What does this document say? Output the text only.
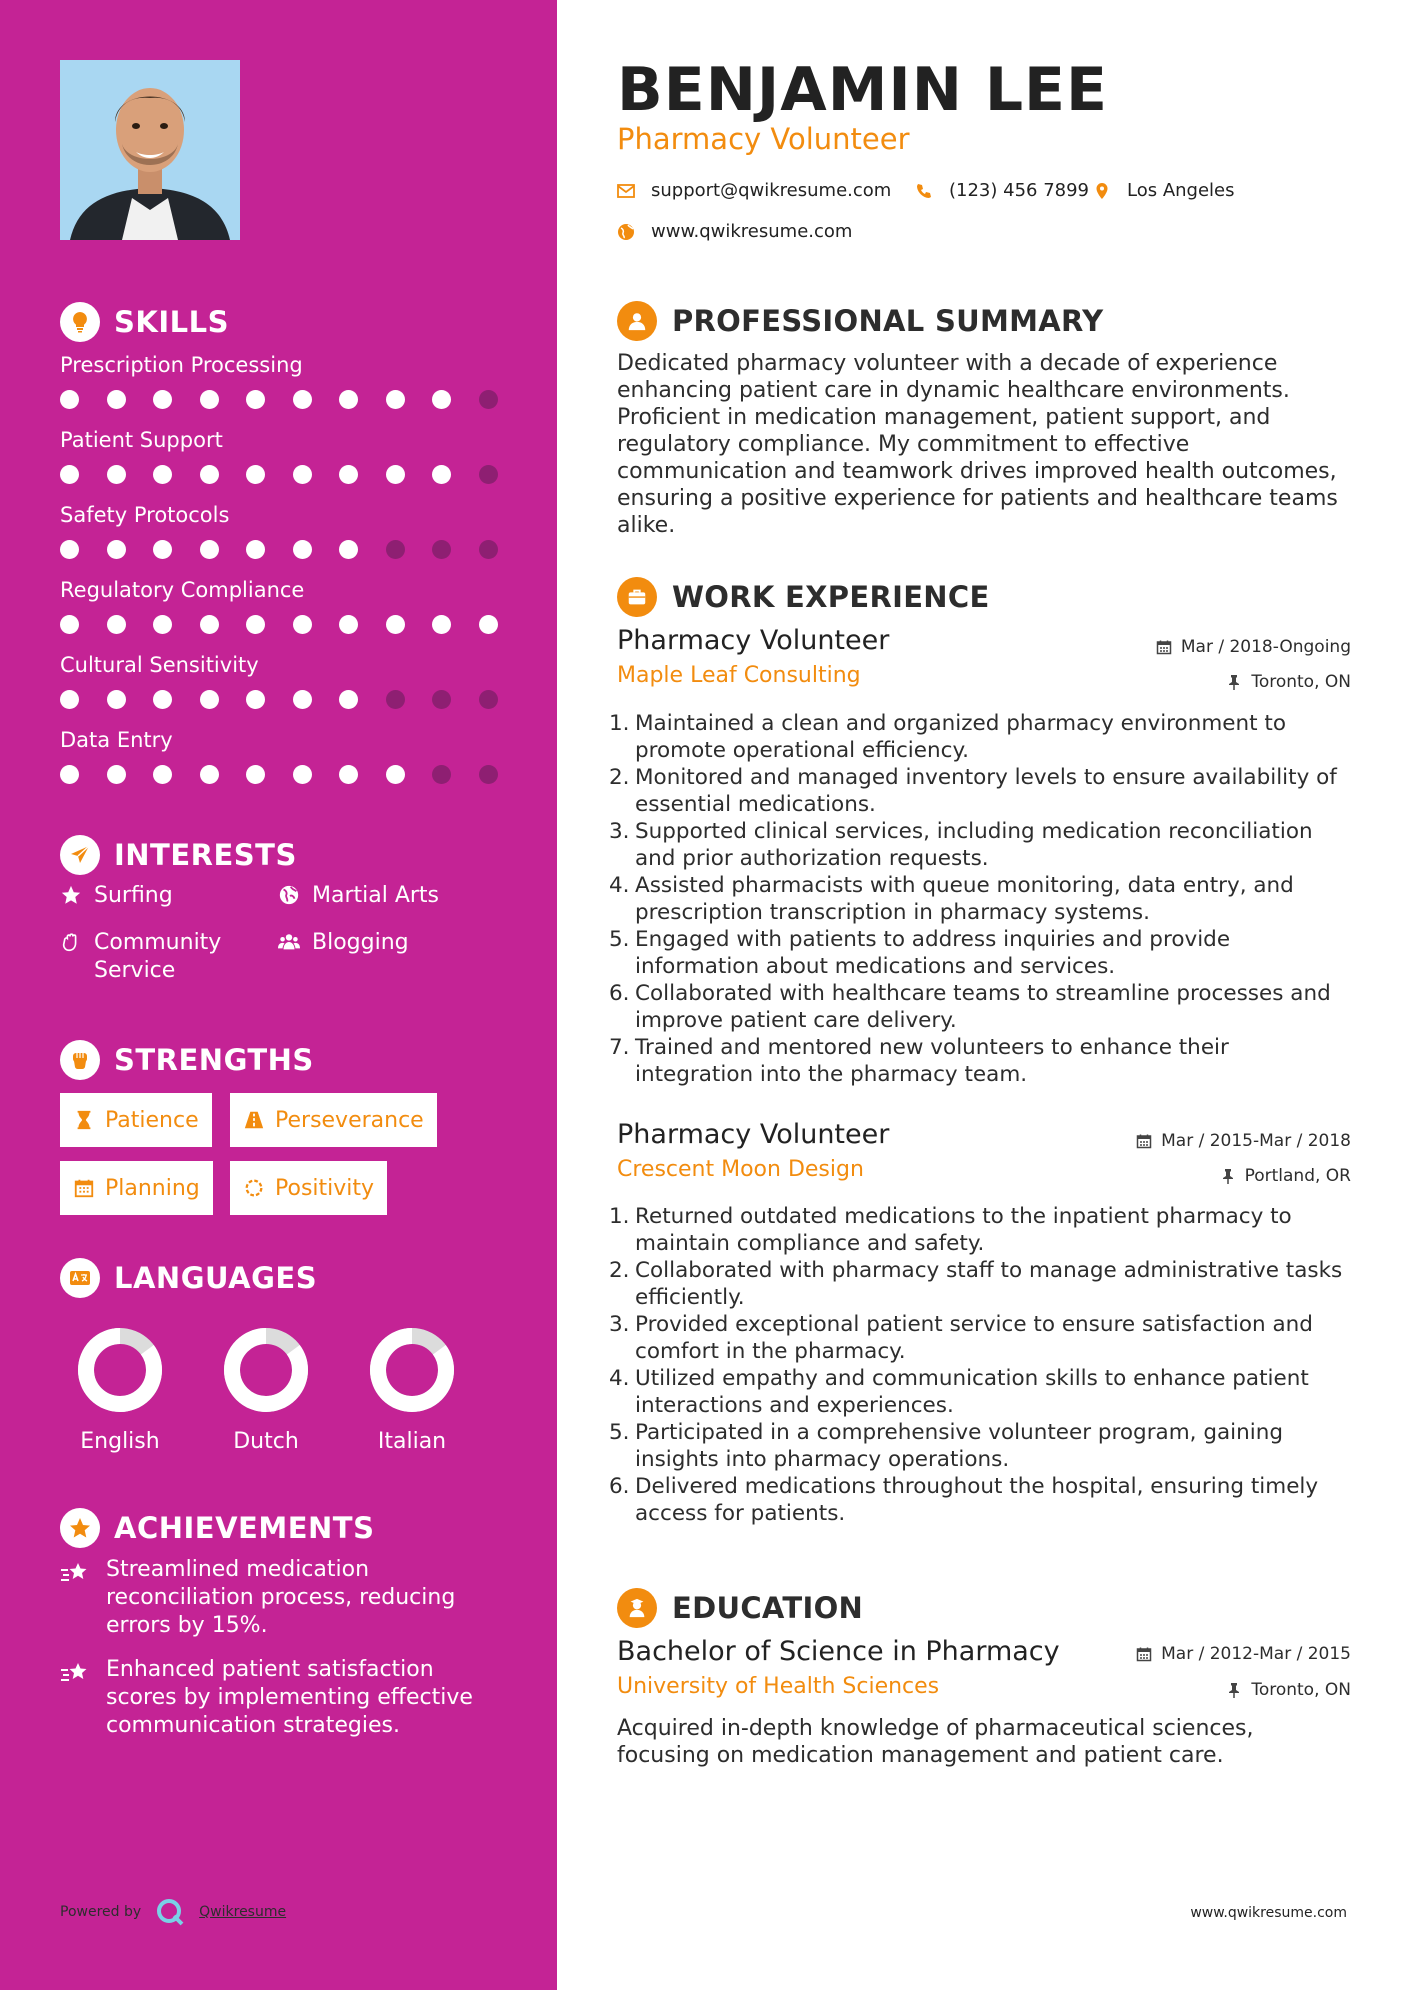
SKILLS
Prescription Processing
Patient Support
Safety Protocols
Regulatory Compliance
Cultural Sensitivity
Data Entry
INTERESTS
Surfing	Martial Arts
Community Service
Blogging
STRENGTHS
Patience	Perseverance
Planning	Positivity
LANGUAGES
English	Dutch	Italian
ACHIEVEMENTS
Streamlined medication reconciliation process, reducing errors by 15%.
Enhanced patient satisfaction scores by implementing effective communication strategies.
Powered by	Qwikresume
BENJAMIN LEE
Pharmacy Volunteer
support@qwikresume.com	(123) 456 7899 Los Angeles
www.qwikresume.com
PROFESSIONAL SUMMARY
Dedicated pharmacy volunteer with a decade of experience enhancing patient care in dynamic healthcare environments. Proficient in medication management, patient support, and regulatory compliance. My commitment to effective communication and teamwork drives improved health outcomes, ensuring a positive experience for patients and healthcare teams alike.
WORK EXPERIENCE
Pharmacy Volunteer
Maple Leaf Consulting
Mar / 2018-Ongoing
Toronto, ON
1. Maintained a clean and organized pharmacy environment to promote operational efficiency.
2. Monitored and managed inventory levels to ensure availability of essential medications.
3. Supported clinical services, including medication reconciliation and prior authorization requests.
4. Assisted pharmacists with queue monitoring, data entry, and prescription transcription in pharmacy systems.
5. Engaged with patients to address inquiries and provide information about medications and services.
6. Collaborated with healthcare teams to streamline processes and improve patient care delivery.
7. Trained and mentored new volunteers to enhance their integration into the pharmacy team.
Pharmacy Volunteer
Crescent Moon Design
Mar / 2015-Mar / 2018
Portland, OR
1. Returned outdated medications to the inpatient pharmacy to maintain compliance and safety.
2. Collaborated with pharmacy staff to manage administrative tasks efficiently.
3. Provided exceptional patient service to ensure satisfaction and comfort in the pharmacy.
4. Utilized empathy and communication skills to enhance patient interactions and experiences.
5. Participated in a comprehensive volunteer program, gaining insights into pharmacy operations.
6. Delivered medications throughout the hospital, ensuring timely access for patients.
EDUCATION
Bachelor of Science in Pharmacy
University of Health Sciences
Mar / 2012-Mar / 2015
Toronto, ON
Acquired in-depth knowledge of pharmaceutical sciences, focusing on medication management and patient care.
www.qwikresume.com
